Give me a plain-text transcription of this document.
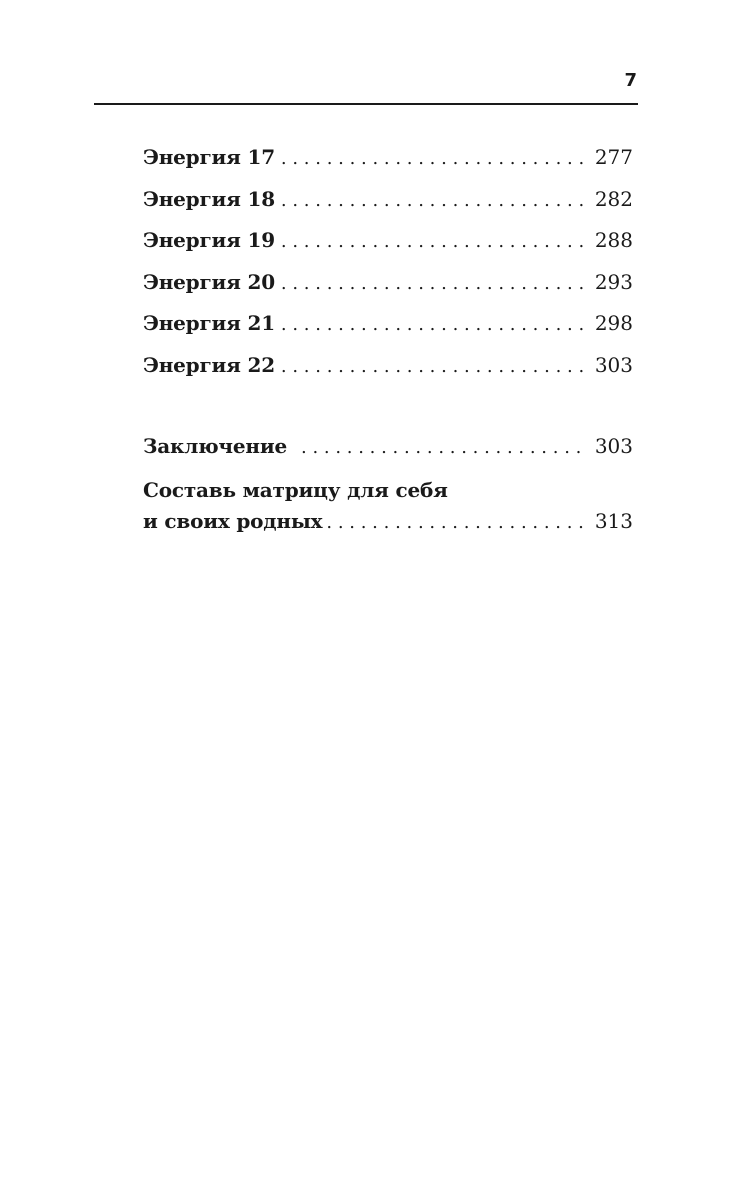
7
Энергия 17 . . .	277
Энергия 18 . . .	282
Энергия 19 . . .	288
Энергия 20 . . .	293
Энергия 21 . . .	298
Энергия 22 . . .	303
Заключение . . .	303
Составь матрицу для себя
и своих родных . . .	313
